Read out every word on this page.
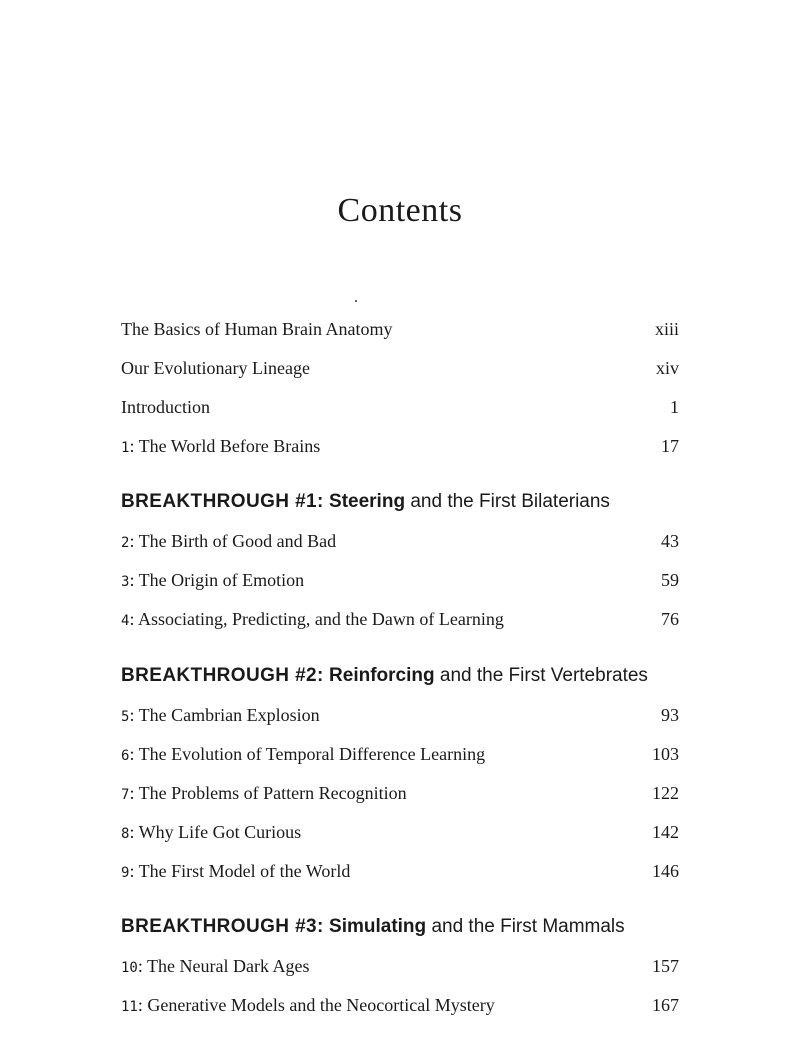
Contents
The Basics of Human Brain Anatomy	xiii
Our Evolutionary Lineage	xiv
Introduction	1
1: The World Before Brains	17
BREAKTHROUGH #1: Steering and the First Bilaterians
2: The Birth of Good and Bad	43
3: The Origin of Emotion	59
4: Associating, Predicting, and the Dawn of Learning	76
BREAKTHROUGH #2: Reinforcing and the First Vertebrates
5: The Cambrian Explosion	93
6: The Evolution of Temporal Difference Learning	103
7: The Problems of Pattern Recognition	122
8: Why Life Got Curious	142
9: The First Model of the World	146
BREAKTHROUGH #3: Simulating and the First Mammals
10: The Neural Dark Ages	157
11: Generative Models and the Neocortical Mystery	167
